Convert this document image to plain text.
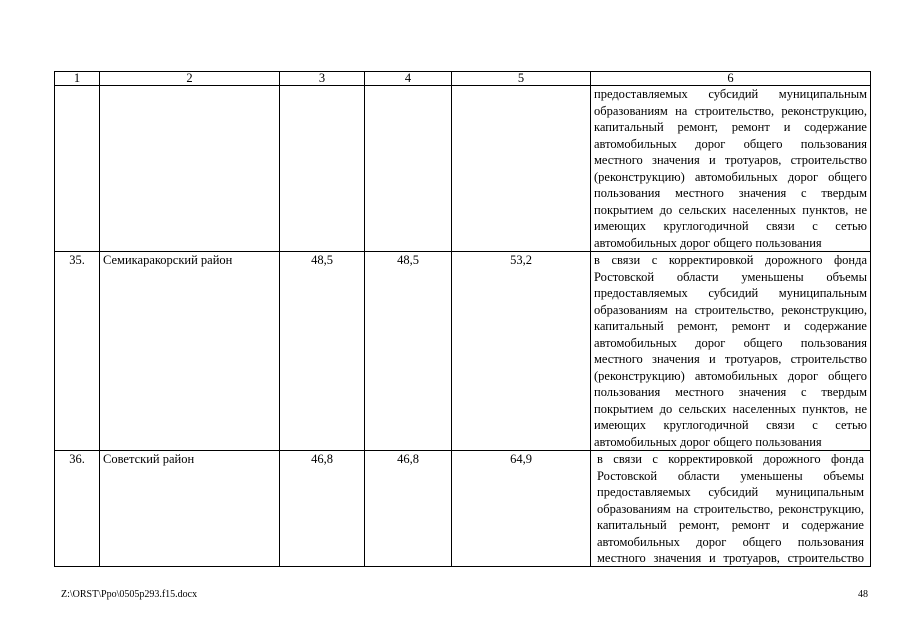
1	2	3	4	5	6
					предоставляемых субсидий муниципальным образованиям на строительство, реконструкцию, капитальный ремонт, ремонт и содержание автомобильных дорог общего пользования местного значения и тротуаров, строительство (реконструкцию) автомобильных дорог общего пользования местного значения с твердым покрытием до сельских населенных пунктов, не имеющих круглогодичной связи с сетью автомобильных дорог общего пользования
35.	Семикаракорский район	48,5	48,5	53,2	в связи с корректировкой дорожного фонда Ростовской области уменьшены объемы предоставляемых субсидий муниципальным образованиям на строительство, реконструкцию, капитальный ремонт, ремонт и содержание автомобильных дорог общего пользования местного значения и тротуаров, строительство (реконструкцию) автомобильных дорог общего пользования местного значения с твердым покрытием до сельских населенных пунктов, не имеющих круглогодичной связи с сетью автомобильных дорог общего пользования
36.	Советский район	46,8	46,8	64,9	в связи с корректировкой дорожного фонда Ростовской области уменьшены объемы предоставляемых субсидий муниципальным образованиям на строительство, реконструкцию, капитальный ремонт, ремонт и содержание автомобильных дорог общего пользования местного значения и тротуаров, строительство
Z:\ORST\Ppo\0505p293.f15.docx	48
